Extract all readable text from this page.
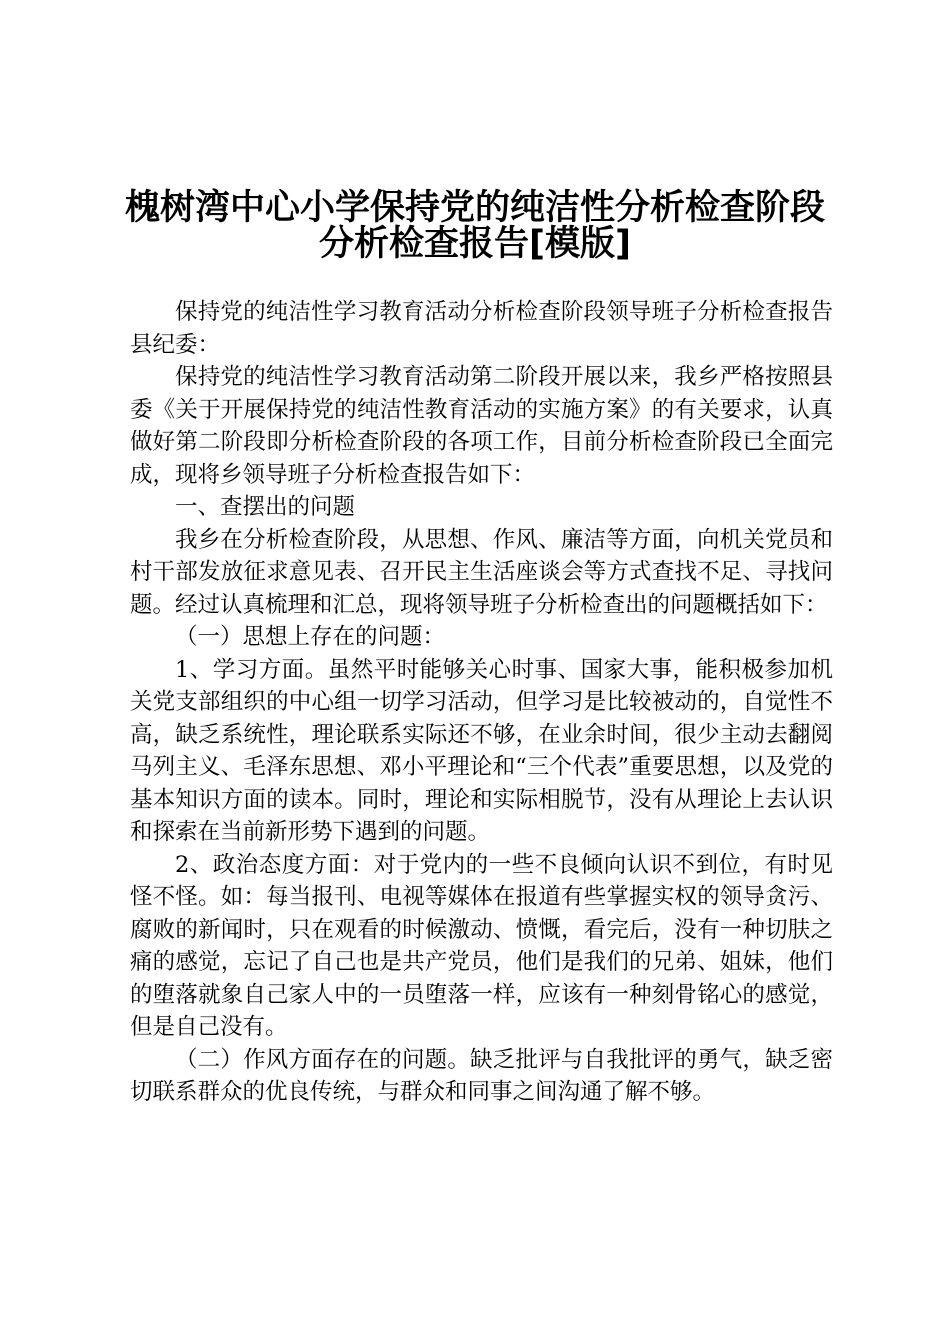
槐树湾中心小学保持党的纯洁性分析检查阶段
分析检查报告[模版]

保持党的纯洁性学习教育活动分析检查阶段领导班子分析检查报告县纪委：

保持党的纯洁性学习教育活动第二阶段开展以来，我乡严格按照县委《关于开展保持党的纯洁性教育活动的实施方案》的有关要求，认真做好第二阶段即分析检查阶段的各项工作，目前分析检查阶段已全面完成，现将乡领导班子分析检查报告如下：

一、查摆出的问题

我乡在分析检查阶段，从思想、作风、廉洁等方面，向机关党员和村干部发放征求意见表、召开民主生活座谈会等方式查找不足、寻找问题。经过认真梳理和汇总，现将领导班子分析检查出的问题概括如下：

（一）思想上存在的问题：

1、学习方面。虽然平时能够关心时事、国家大事，能积极参加机关党支部组织的中心组一切学习活动，但学习是比较被动的，自觉性不高，缺乏系统性，理论联系实际还不够，在业余时间，很少主动去翻阅马列主义、毛泽东思想、邓小平理论和“三个代表”重要思想，以及党的基本知识方面的读本。同时，理论和实际相脱节，没有从理论上去认识和探索在当前新形势下遇到的问题。

2、政治态度方面：对于党内的一些不良倾向认识不到位，有时见怪不怪。如：每当报刊、电视等媒体在报道有些掌握实权的领导贪污、腐败的新闻时，只在观看的时候激动、愤慨，看完后，没有一种切肤之痛的感觉，忘记了自己也是共产党员，他们是我们的兄弟、姐妹，他们的堕落就象自己家人中的一员堕落一样，应该有一种刻骨铭心的感觉，但是自己没有。

（二）作风方面存在的问题。缺乏批评与自我批评的勇气，缺乏密切联系群众的优良传统，与群众和同事之间沟通了解不够。
